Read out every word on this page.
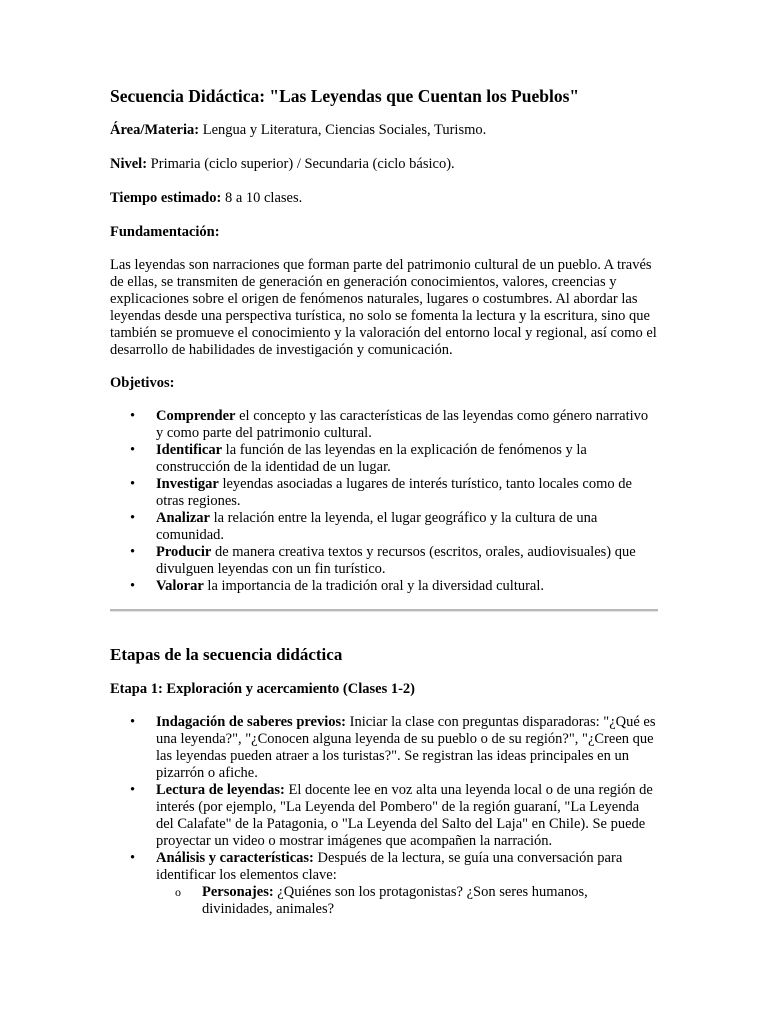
Secuencia Didáctica: "Las Leyendas que Cuentan los Pueblos"

Área/Materia: Lengua y Literatura, Ciencias Sociales, Turismo.

Nivel: Primaria (ciclo superior) / Secundaria (ciclo básico).

Tiempo estimado: 8 a 10 clases.

Fundamentación:

Las leyendas son narraciones que forman parte del patrimonio cultural de un pueblo. A través de ellas, se transmiten de generación en generación conocimientos, valores, creencias y explicaciones sobre el origen de fenómenos naturales, lugares o costumbres. Al abordar las leyendas desde una perspectiva turística, no solo se fomenta la lectura y la escritura, sino que también se promueve el conocimiento y la valoración del entorno local y regional, así como el desarrollo de habilidades de investigación y comunicación.

Objetivos:
• Comprender el concepto y las características de las leyendas como género narrativo y como parte del patrimonio cultural.
• Identificar la función de las leyendas en la explicación de fenómenos y la construcción de la identidad de un lugar.
• Investigar leyendas asociadas a lugares de interés turístico, tanto locales como de otras regiones.
• Analizar la relación entre la leyenda, el lugar geográfico y la cultura de una comunidad.
• Producir de manera creativa textos y recursos (escritos, orales, audiovisuales) que divulguen leyendas con un fin turístico.
• Valorar la importancia de la tradición oral y la diversidad cultural.
Etapas de la secuencia didáctica
Etapa 1: Exploración y acercamiento (Clases 1-2)
• Indagación de saberes previos: Iniciar la clase con preguntas disparadoras: "¿Qué es una leyenda?", "¿Conocen alguna leyenda de su pueblo o de su región?", "¿Creen que las leyendas pueden atraer a los turistas?". Se registran las ideas principales en un pizarrón o afiche.
• Lectura de leyendas: El docente lee en voz alta una leyenda local o de una región de interés (por ejemplo, "La Leyenda del Pombero" de la región guaraní, "La Leyenda del Calafate" de la Patagonia, o "La Leyenda del Salto del Laja" en Chile). Se puede proyectar un video o mostrar imágenes que acompañen la narración.
• Análisis y características: Después de la lectura, se guía una conversación para identificar los elementos clave:
o Personajes: ¿Quiénes son los protagonistas? ¿Son seres humanos, divinidades, animales?
